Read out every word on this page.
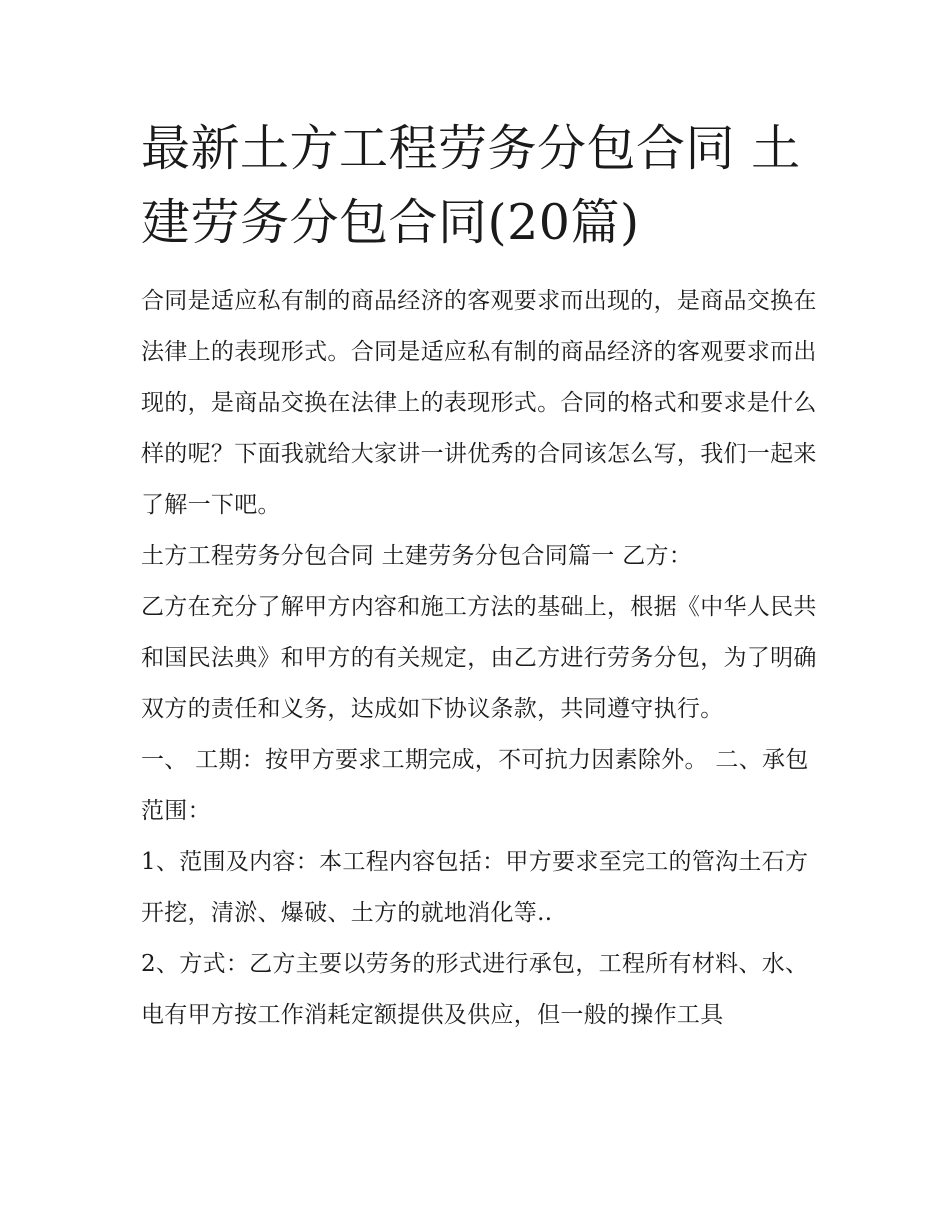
最新土方工程劳务分包合同 土建劳务分包合同(20篇)

合同是适应私有制的商品经济的客观要求而出现的，是商品交换在法律上的表现形式。合同是适应私有制的商品经济的客观要求而出现的，是商品交换在法律上的表现形式。合同的格式和要求是什么样的呢？下面我就给大家讲一讲优秀的合同该怎么写，我们一起来了解一下吧。

土方工程劳务分包合同 土建劳务分包合同篇一 乙方：

乙方在充分了解甲方内容和施工方法的基础上，根据《中华人民共和国民法典》和甲方的有关规定，由乙方进行劳务分包，为了明确双方的责任和义务，达成如下协议条款，共同遵守执行。

一、 工期：按甲方要求工期完成，不可抗力因素除外。 二、承包范围：

1、范围及内容：本工程内容包括：甲方要求至完工的管沟土石方开挖，清淤、爆破、土方的就地消化等..

2、方式：乙方主要以劳务的形式进行承包，工程所有材料、水、电有甲方按工作消耗定额提供及供应，但一般的操作工具
